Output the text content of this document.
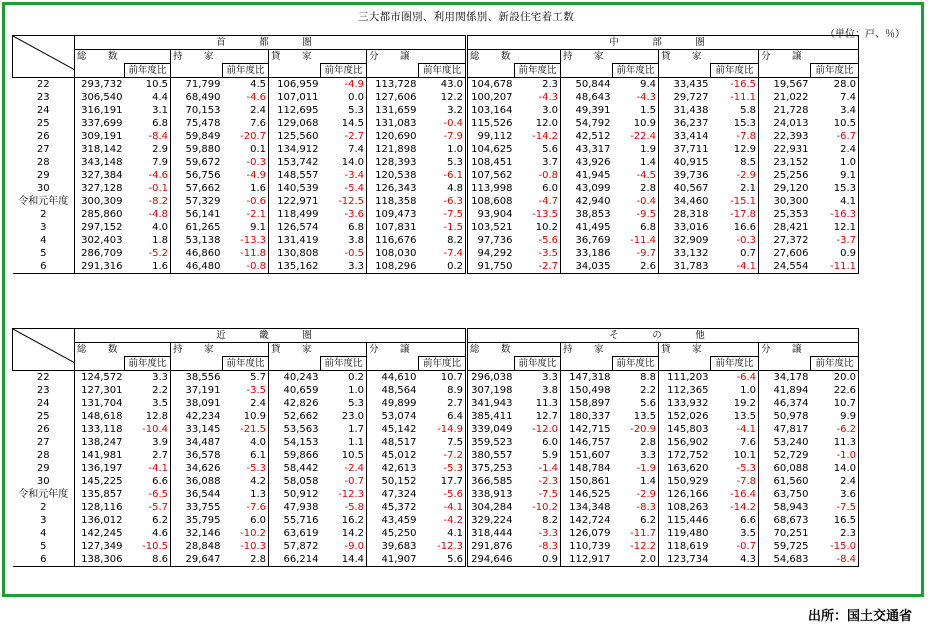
三大都市圏別、利用関係別、新設住宅着工数
（単位：戸、％）
	首　都　圏								中　部　圏							
	総　数		持　家		貸　家		分　譲		総　数		持　家		貸　家		分　譲	
		前年度比		前年度比		前年度比		前年度比		前年度比		前年度比		前年度比		前年度比
22	293,732	10.5	71,799	4.5	106,959	-4.9	113,728	43.0	104,678	2.3	50,844	9.4	33,435	-16.5	19,567	28.0
23	306,540	4.4	68,490	-4.6	107,011	0.0	127,606	12.2	100,207	-4.3	48,643	-4.3	29,727	-11.1	21,022	7.4
24	316,191	3.1	70,153	2.4	112,695	5.3	131,659	3.2	103,164	3.0	49,391	1.5	31,438	5.8	21,728	3.4
25	337,699	6.8	75,478	7.6	129,068	14.5	131,083	-0.4	115,526	12.0	54,792	10.9	36,237	15.3	24,013	10.5
26	309,191	-8.4	59,849	-20.7	125,560	-2.7	120,690	-7.9	99,112	-14.2	42,512	-22.4	33,414	-7.8	22,393	-6.7
27	318,142	2.9	59,880	0.1	134,912	7.4	121,898	1.0	104,625	5.6	43,317	1.9	37,711	12.9	22,931	2.4
28	343,148	7.9	59,672	-0.3	153,742	14.0	128,393	5.3	108,451	3.7	43,926	1.4	40,915	8.5	23,152	1.0
29	327,384	-4.6	56,756	-4.9	148,557	-3.4	120,538	-6.1	107,562	-0.8	41,945	-4.5	39,736	-2.9	25,256	9.1
30	327,128	-0.1	57,662	1.6	140,539	-5.4	126,343	4.8	113,998	6.0	43,099	2.8	40,567	2.1	29,120	15.3
令和元年度	300,309	-8.2	57,329	-0.6	122,971	-12.5	118,358	-6.3	108,608	-4.7	42,940	-0.4	34,460	-15.1	30,300	4.1
2	285,860	-4.8	56,141	-2.1	118,499	-3.6	109,473	-7.5	93,904	-13.5	38,853	-9.5	28,318	-17.8	25,353	-16.3
3	297,152	4.0	61,265	9.1	126,574	6.8	107,831	-1.5	103,521	10.2	41,495	6.8	33,016	16.6	28,421	12.1
4	302,403	1.8	53,138	-13.3	131,419	3.8	116,676	8.2	97,736	-5.6	36,769	-11.4	32,909	-0.3	27,372	-3.7
5	286,709	-5.2	46,860	-11.8	130,808	-0.5	108,030	-7.4	94,292	-3.5	33,186	-9.7	33,132	0.7	27,606	0.9
6	291,316	1.6	46,480	-0.8	135,162	3.3	108,296	0.2	91,750	-2.7	34,035	2.6	31,783	-4.1	24,554	-11.1
	近　畿　圏								そ　の　他							
	総　数		持　家		貸　家		分　譲		総　数		持　家		貸　家		分　譲	
		前年度比		前年度比		前年度比		前年度比		前年度比		前年度比		前年度比		前年度比
22	124,572	3.3	38,556	5.7	40,243	0.2	44,610	10.7	296,038	3.3	147,318	8.8	111,203	-6.4	34,178	20.0
23	127,301	2.2	37,191	-3.5	40,659	1.0	48,564	8.9	307,198	3.8	150,498	2.2	112,365	1.0	41,894	22.6
24	131,704	3.5	38,091	2.4	42,826	5.3	49,899	2.7	341,943	11.3	158,897	5.6	133,932	19.2	46,374	10.7
25	148,618	12.8	42,234	10.9	52,662	23.0	53,074	6.4	385,411	12.7	180,337	13.5	152,026	13.5	50,978	9.9
26	133,118	-10.4	33,145	-21.5	53,563	1.7	45,142	-14.9	339,049	-12.0	142,715	-20.9	145,803	-4.1	47,817	-6.2
27	138,247	3.9	34,487	4.0	54,153	1.1	48,517	7.5	359,523	6.0	146,757	2.8	156,902	7.6	53,240	11.3
28	141,981	2.7	36,578	6.1	59,866	10.5	45,012	-7.2	380,557	5.9	151,607	3.3	172,752	10.1	52,729	-1.0
29	136,197	-4.1	34,626	-5.3	58,442	-2.4	42,613	-5.3	375,253	-1.4	148,784	-1.9	163,620	-5.3	60,088	14.0
30	145,225	6.6	36,088	4.2	58,058	-0.7	50,152	17.7	366,585	-2.3	150,861	1.4	150,929	-7.8	61,560	2.4
令和元年度	135,857	-6.5	36,544	1.3	50,912	-12.3	47,324	-5.6	338,913	-7.5	146,525	-2.9	126,166	-16.4	63,750	3.6
2	128,116	-5.7	33,755	-7.6	47,938	-5.8	45,372	-4.1	304,284	-10.2	134,348	-8.3	108,263	-14.2	58,943	-7.5
3	136,012	6.2	35,795	6.0	55,716	16.2	43,459	-4.2	329,224	8.2	142,724	6.2	115,446	6.6	68,673	16.5
4	142,245	4.6	32,146	-10.2	63,619	14.2	45,250	4.1	318,444	-3.3	126,079	-11.7	119,480	3.5	70,251	2.3
5	127,349	-10.5	28,848	-10.3	57,872	-9.0	39,683	-12.3	291,876	-8.3	110,739	-12.2	118,619	-0.7	59,725	-15.0
6	138,306	8.6	29,647	2.8	66,214	14.4	41,907	5.6	294,646	0.9	112,917	2.0	123,734	4.3	54,683	-8.4
出所：国土交通省
